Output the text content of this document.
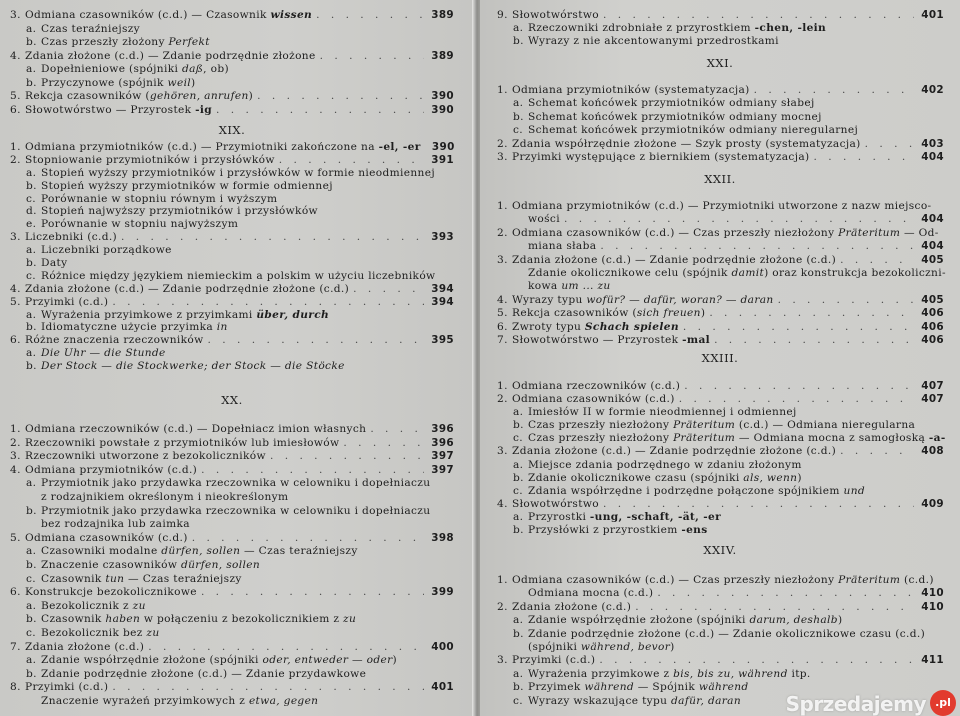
3. Odmiana czasowników (c.d.) — Czasownik wissen . . .	389
a. Czas teraźniejszy
b. Czas przeszły złożony Perfekt
4. Zdania złożone (c.d.) — Zdanie podrzędnie złożone . . .	389
a. Dopełnieniowe (spójniki daß, ob)
b. Przyczynowe (spójnik weil)
5. Rekcja czasowników (gehören, anrufen) . . .	390
6. Słowotwórstwo — Przyrostek -ig . . .	390
XIX.
1. Odmiana przymiotników (c.d.) — Przymiotniki zakończone na -el, -er . . .	390
2. Stopniowanie przymiotników i przysłówków . . .	391
a. Stopień wyższy przymiotników i przysłówków w formie nieodmiennej
b. Stopień wyższy przymiotników w formie odmiennej
c. Porównanie w stopniu równym i wyższym
d. Stopień najwyższy przymiotników i przysłówków
e. Porównanie w stopniu najwyższym
3. Liczebniki (c.d.) . . .	393
a. Liczebniki porządkowe
b. Daty
c. Różnice między językiem niemieckim a polskim w użyciu liczebników
4. Zdania złożone (c.d.) — Zdanie podrzędnie złożone (c.d.) . . .	394
5. Przyimki (c.d.) . . .	394
a. Wyrażenia przyimkowe z przyimkami über, durch
b. Idiomatyczne użycie przyimka in
6. Różne znaczenia rzeczowników . . .	395
a. Die Uhr — die Stunde
b. Der Stock — die Stockwerke; der Stock — die Stöcke
XX.
1. Odmiana rzeczowników (c.d.) — Dopełniacz imion własnych . . .	396
2. Rzeczowniki powstałe z przymiotników lub imiesłowów . . .	396
3. Rzeczowniki utworzone z bezokoliczników . . .	397
4. Odmiana przymiotników (c.d.) . . .	397
a. Przymiotnik jako przydawka rzeczownika w celowniku i dopełniaczu
z rodzajnikiem określonym i nieokreślonym
b. Przymiotnik jako przydawka rzeczownika w celowniku i dopełniaczu
bez rodzajnika lub zaimka
5. Odmiana czasowników (c.d.) . . .	398
a. Czasowniki modalne dürfen, sollen — Czas teraźniejszy
b. Znaczenie czasowników dürfen, sollen
c. Czasownik tun — Czas teraźniejszy
6. Konstrukcje bezokolicznikowe . . .	399
a. Bezokolicznik z zu
b. Czasownik haben w połączeniu z bezokolicznikiem z zu
c. Bezokolicznik bez zu
7. Zdania złożone (c.d.) . . .	400
a. Zdanie współrzędnie złożone (spójniki oder, entweder — oder)
b. Zdanie podrzędnie złożone (c.d.) — Zdanie przydawkowe
8. Przyimki (c.d.) . . .	401
Znaczenie wyrażeń przyimkowych z etwa, gegen
9. Słowotwórstwo . . .	401
a. Rzeczowniki zdrobniałe z przyrostkiem -chen, -lein
b. Wyrazy z nie akcentowanymi przedrostkami
XXI.
1. Odmiana przymiotników (systematyzacja) . . .	402
a. Schemat końcówek przymiotników odmiany słabej
b. Schemat końcówek przymiotników odmiany mocnej
c. Schemat końcówek przymiotników odmiany nieregularnej
2. Zdania współrzędnie złożone — Szyk prosty (systematyzacja) . . .	403
3. Przyimki występujące z biernikiem (systematyzacja) . . .	404
XXII.
1. Odmiana przymiotników (c.d.) — Przymiotniki utworzone z nazw miejsco-
wości . . .	404
2. Odmiana czasowników (c.d.) — Czas przeszły niezłożony Präteritum — Od-
miana słaba . . .	404
3. Zdania złożone (c.d.) — Zdanie podrzędnie złożone (c.d.) . . .	405
Zdanie okolicznikowe celu (spójnik damit) oraz konstrukcja bezokoliczni-
kowa um ... zu
4. Wyrazy typu wofür? — dafür, woran? — daran . . .	405
5. Rekcja czasowników (sich freuen) . . .	406
6. Zwroty typu Schach spielen . . .	406
7. Słowotwórstwo — Przyrostek -mal . . .	406
XXIII.
1. Odmiana rzeczowników (c.d.) . . .	407
2. Odmiana czasowników (c.d.) . . .	407
a. Imiesłów II w formie nieodmiennej i odmiennej
b. Czas przeszły niezłożony Präteritum (c.d.) — Odmiana nieregularna
c. Czas przeszły niezłożony Präteritum — Odmiana mocna z samogłoską -a-
3. Zdania złożone (c.d.) — Zdanie podrzędnie złożone (c.d.) . . .	408
a. Miejsce zdania podrzędnego w zdaniu złożonym
b. Zdanie okolicznikowe czasu (spójniki als, wenn)
c. Zdania współrzędne i podrzędne połączone spójnikiem und
4. Słowotwórstwo . . .	409
a. Przyrostki -ung, -schaft, -ät, -er
b. Przysłówki z przyrostkiem -ens
XXIV.
1. Odmiana czasowników (c.d.) — Czas przeszły niezłożony Präteritum (c.d.)
Odmiana mocna (c.d.) . . .	410
2. Zdania złożone (c.d.) . . .	410
a. Zdanie współrzędnie złożone (spójniki darum, deshalb)
b. Zdanie podrzędnie złożone (c.d.) — Zdanie okolicznikowe czasu (c.d.)
(spójniki während, bevor)
3. Przyimki (c.d.) . . .	411
a. Wyrażenia przyimkowe z bis, bis zu, während itp.
b. Przyimek während — Spójnik während
c. Wyrazy wskazujące typu dafür, daran Sprzedajemy .pl
